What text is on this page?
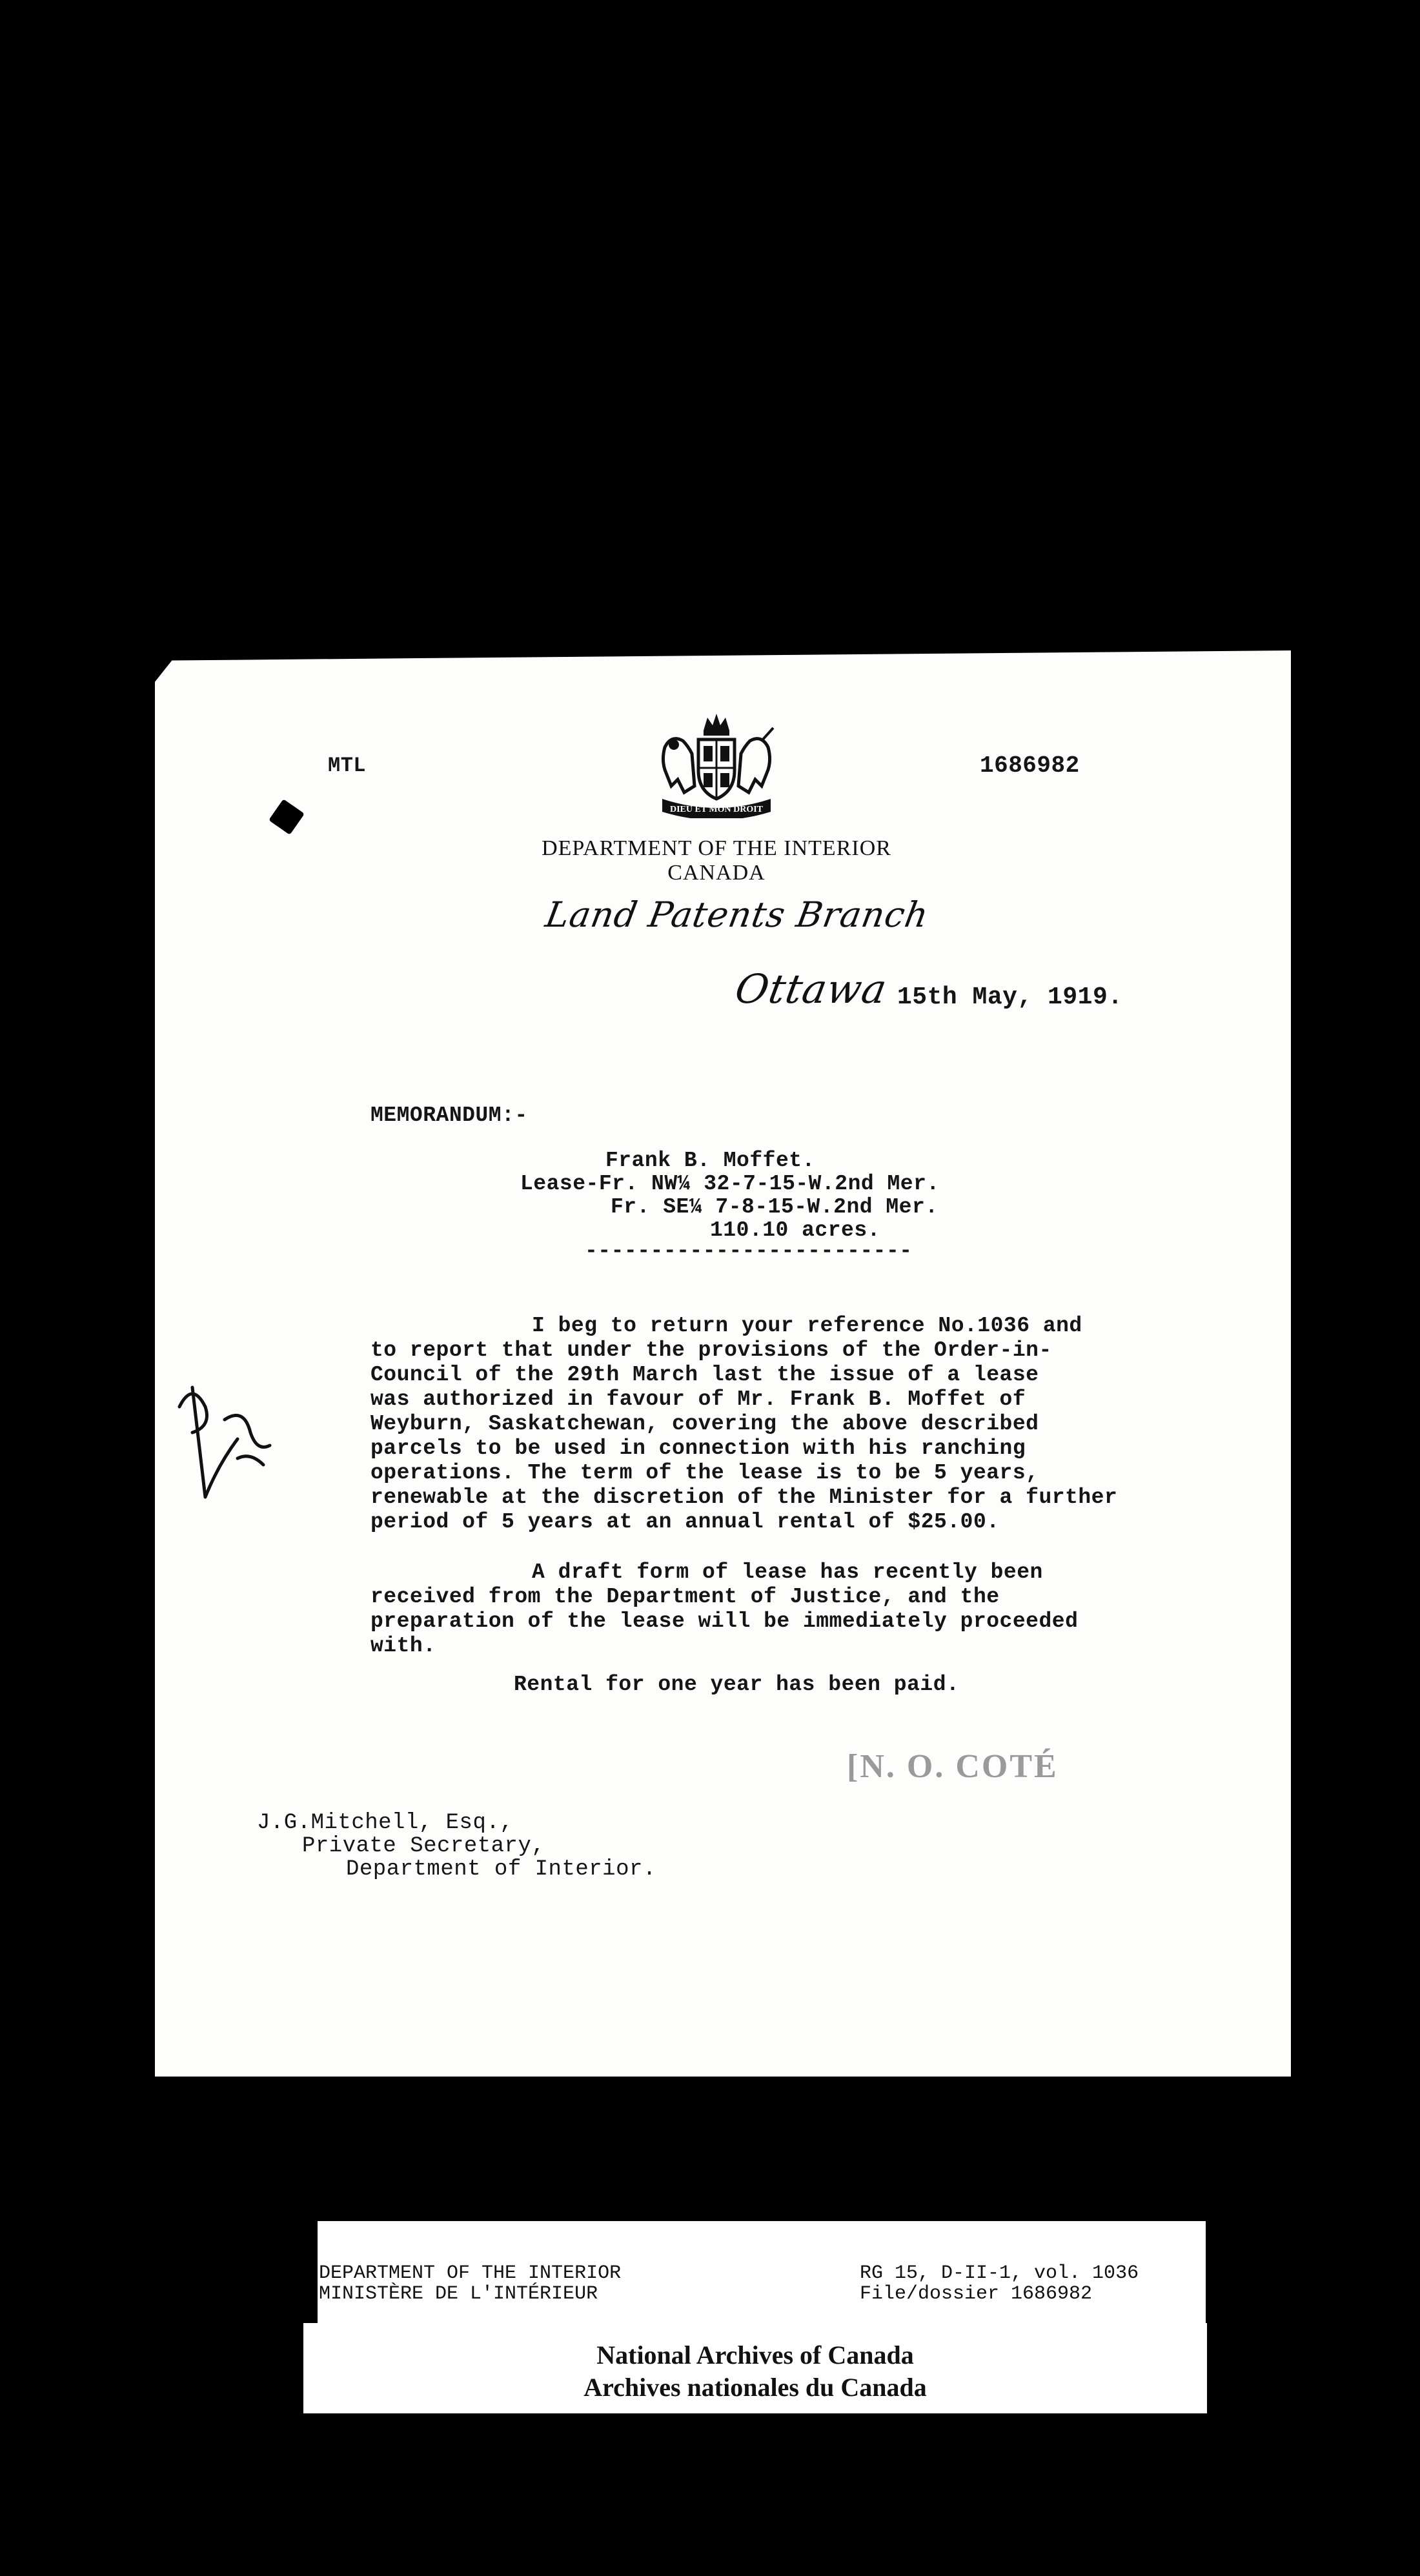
MTL	1686982
DIEU ET MON DROIT
DEPARTMENT OF THE INTERIOR
CANADA
Land Patents Branch
Ottawa 15th May, 1919.
MEMORANDUM:-
Frank B. Moffet.
Lease-Fr. NW¼ 32-7-15-W.2nd Mer.
Fr. SE¼ 7-8-15-W.2nd Mer.
110.10 acres.
-------------------------
I beg to return your reference No.1036 and
to report that under the provisions of the Order-in-
Council of the 29th March last the issue of a lease
was authorized in favour of Mr. Frank B. Moffet of
Weyburn, Saskatchewan, covering the above described
parcels to be used in connection with his ranching
operations. The term of the lease is to be 5 years,
renewable at the discretion of the Minister for a further
period of 5 years at an annual rental of $25.00.
A draft form of lease has recently been
received from the Department of Justice, and the
preparation of the lease will be immediately proceeded
with.
Rental for one year has been paid.
[N. O. COTÉ
J.G.Mitchell, Esq.,
Private Secretary,
Department of Interior.
DEPARTMENT OF THE INTERIOR
MINISTÈRE DE L'INTÉRIEUR
RG 15, D-II-1, vol. 1036
File/dossier 1686982
National Archives of Canada
Archives nationales du Canada
